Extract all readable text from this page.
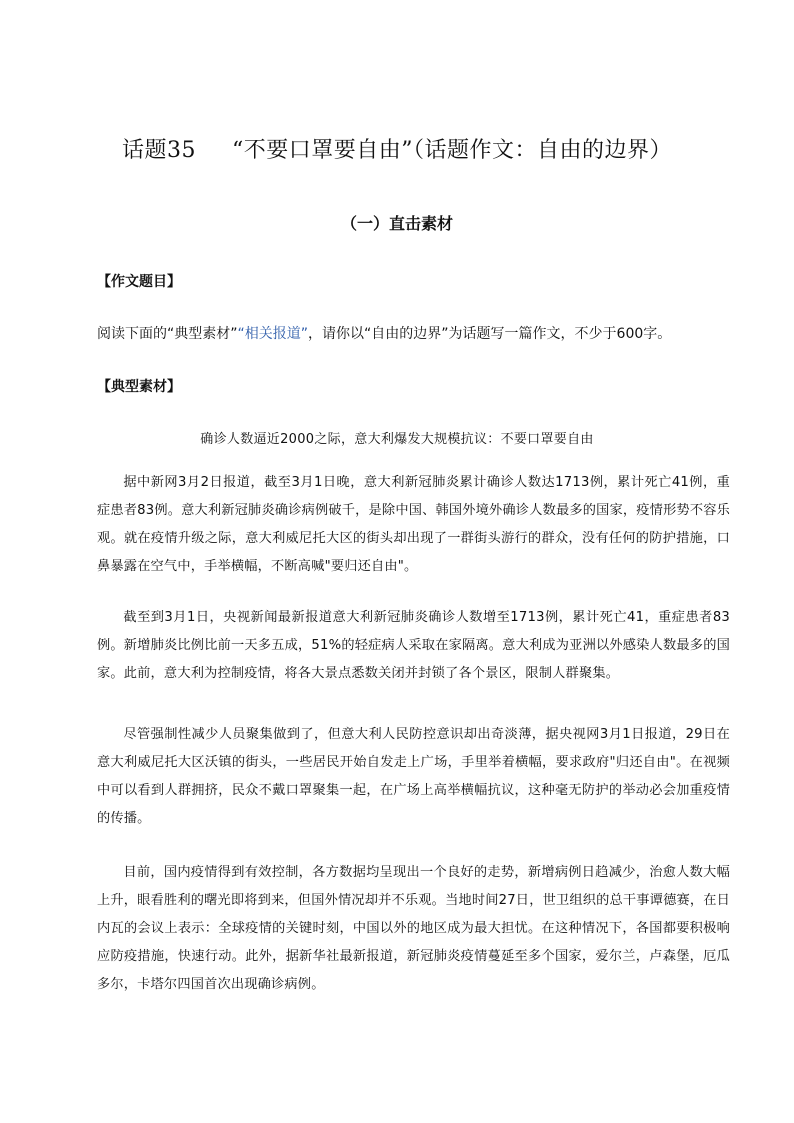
话题35 “不要口罩要自由”（话题作文：自由的边界）
（一）直击素材
【作文题目】
阅读下面的“典型素材”“相关报道”，请你以“自由的边界”为话题写一篇作文，不少于600字。
【典型素材】
确诊人数逼近2000之际，意大利爆发大规模抗议：不要口罩要自由
据中新网3月2日报道，截至3月1日晚，意大利新冠肺炎累计确诊人数达1713例，累计死亡41例，重症患者83例。意大利新冠肺炎确诊病例破千，是除中国、韩国外境外确诊人数最多的国家，疫情形势不容乐观。就在疫情升级之际，意大利威尼托大区的街头却出现了一群街头游行的群众，没有任何的防护措施，口鼻暴露在空气中，手举横幅，不断高喊"要归还自由"。
截至到3月1日，央视新闻最新报道意大利新冠肺炎确诊人数增至1713例，累计死亡41，重症患者83例。新增肺炎比例比前一天多五成，51%的轻症病人采取在家隔离。意大利成为亚洲以外感染人数最多的国家。此前，意大利为控制疫情，将各大景点悉数关闭并封锁了各个景区，限制人群聚集。
尽管强制性减少人员聚集做到了，但意大利人民防控意识却出奇淡薄，据央视网3月1日报道，29日在意大利威尼托大区沃镇的街头，一些居民开始自发走上广场，手里举着横幅，要求政府"归还自由"。在视频中可以看到人群拥挤，民众不戴口罩聚集一起，在广场上高举横幅抗议，这种毫无防护的举动必会加重疫情的传播。
目前，国内疫情得到有效控制，各方数据均呈现出一个良好的走势，新增病例日趋减少，治愈人数大幅上升，眼看胜利的曙光即将到来，但国外情况却并不乐观。当地时间27日，世卫组织的总干事谭德赛，在日内瓦的会议上表示：全球疫情的关键时刻，中国以外的地区成为最大担忧。在这种情况下，各国都要积极响应防疫措施，快速行动。此外，据新华社最新报道，新冠肺炎疫情蔓延至多个国家，爱尔兰，卢森堡，厄瓜多尔，卡塔尔四国首次出现确诊病例。
